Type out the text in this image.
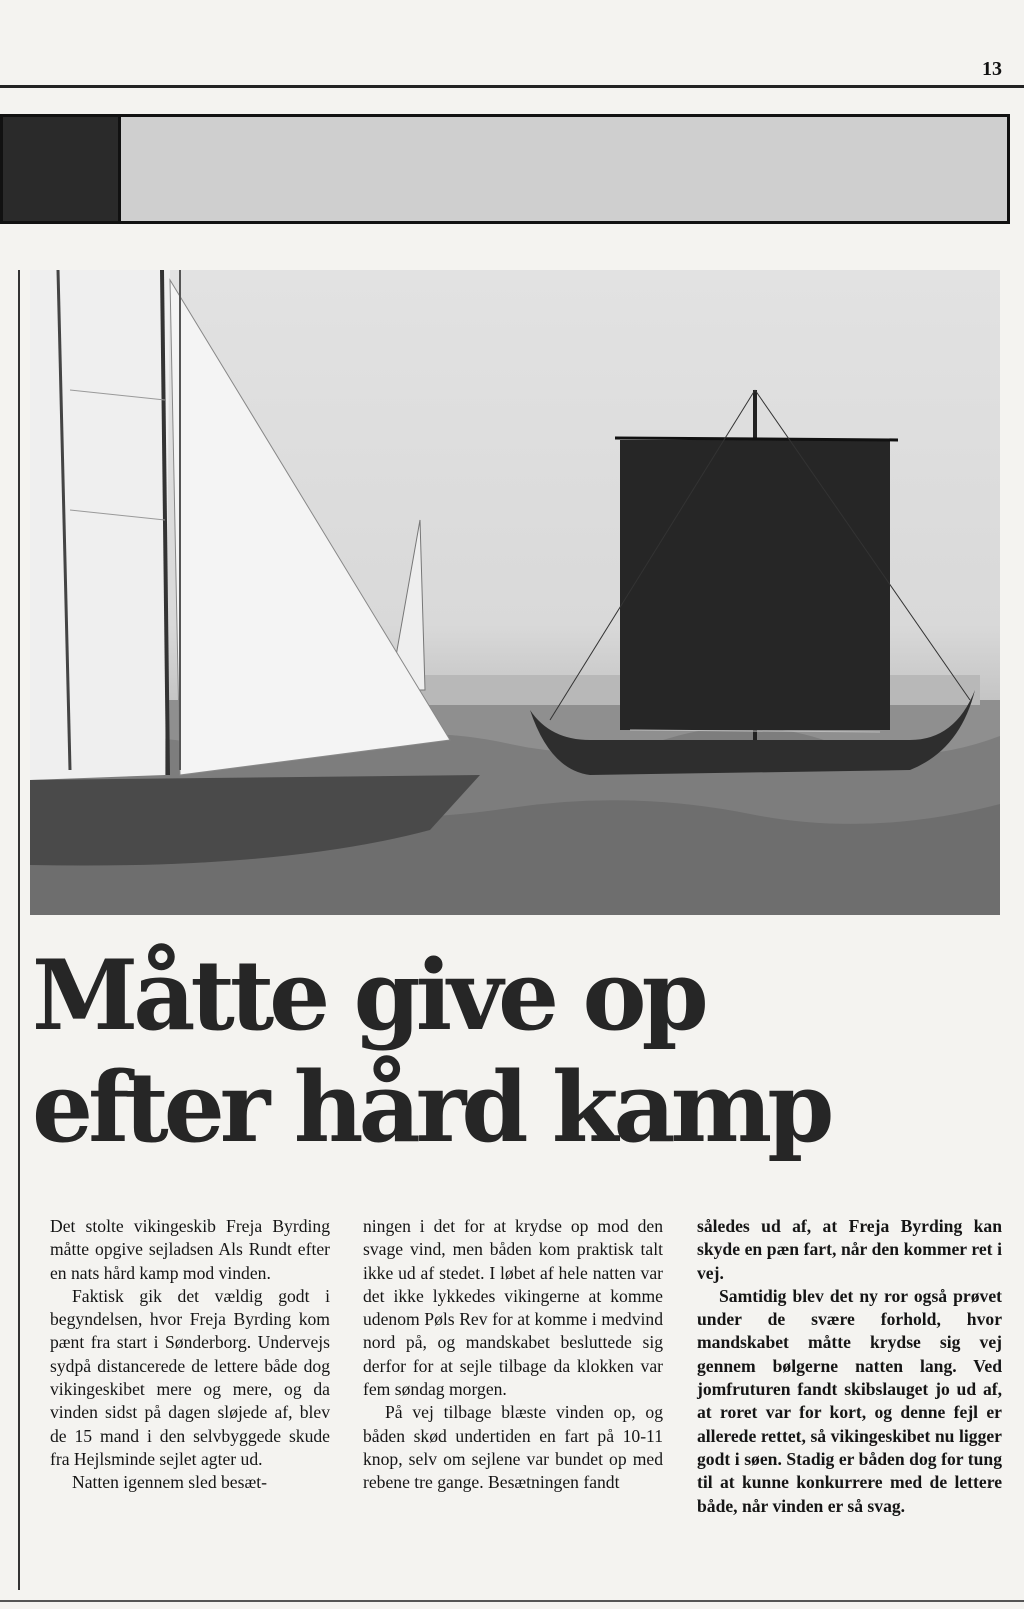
13
Måtte give op
efter hård kamp

Det stolte vikingeskib Freja Byrding måtte opgive sejladsen Als Rundt efter en nats hård kamp mod vinden.

Faktisk gik det vældig godt i begyndelsen, hvor Freja Byrding kom pænt fra start i Sønderborg. Undervejs sydpå distancerede de lettere både dog vikingeskibet mere og mere, og da vinden sidst på dagen sløjede af, blev de 15 mand i den selvbyggede skude fra Hejlsminde sejlet agter ud.

Natten igennem sled besæt-

ningen i det for at krydse op mod den svage vind, men båden kom praktisk talt ikke ud af stedet. I løbet af hele natten var det ikke lykkedes vikingerne at komme udenom Pøls Rev for at komme i medvind nord på, og mandskabet besluttede sig derfor for at sejle tilbage da klokken var fem søndag morgen.

På vej tilbage blæste vinden op, og båden skød undertiden en fart på 10-11 knop, selv om sejlene var bundet op med rebene tre gange. Besætningen fandt

således ud af, at Freja Byrding kan skyde en pæn fart, når den kommer ret i vej.

Samtidig blev det ny ror også prøvet under de svære forhold, hvor mandskabet måtte krydse sig vej gennem bølgerne natten lang. Ved jomfruturen fandt skibslauget jo ud af, at roret var for kort, og denne fejl er allerede rettet, så vikingeskibet nu ligger godt i søen. Stadig er båden dog for tung til at kunne konkurrere med de lettere både, når vinden er så svag.
